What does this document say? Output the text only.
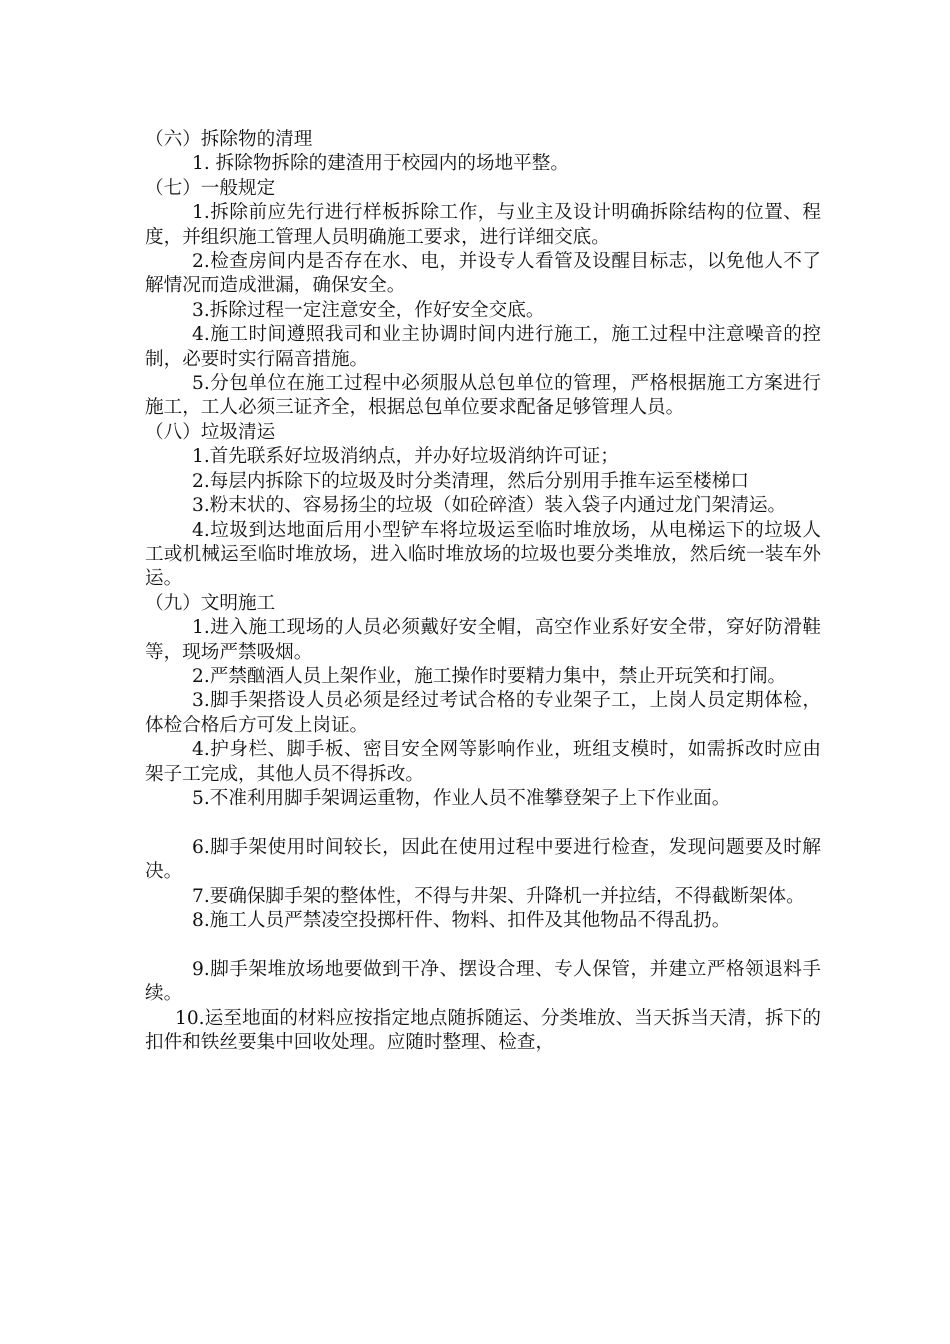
（六）拆除物的清理

1. 拆除物拆除的建渣用于校园内的场地平整。

（七）一般规定

1.拆除前应先行进行样板拆除工作，与业主及设计明确拆除结构的位置、程度，并组织施工管理人员明确施工要求，进行详细交底。

2.检查房间内是否存在水、电，并设专人看管及设醒目标志，以免他人不了解情况而造成泄漏，确保安全。

3.拆除过程一定注意安全，作好安全交底。

4.施工时间遵照我司和业主协调时间内进行施工，施工过程中注意噪音的控制，必要时实行隔音措施。

5.分包单位在施工过程中必须服从总包单位的管理，严格根据施工方案进行施工，工人必须三证齐全，根据总包单位要求配备足够管理人员。

（八）垃圾清运

1.首先联系好垃圾消纳点，并办好垃圾消纳许可证；

2.每层内拆除下的垃圾及时分类清理，然后分别用手推车运至楼梯口

3.粉末状的、容易扬尘的垃圾（如砼碎渣）装入袋子内通过龙门架清运。

4.垃圾到达地面后用小型铲车将垃圾运至临时堆放场，从电梯运下的垃圾人工或机械运至临时堆放场，进入临时堆放场的垃圾也要分类堆放，然后统一装车外运。

（九）文明施工

1.进入施工现场的人员必须戴好安全帽，高空作业系好安全带，穿好防滑鞋等，现场严禁吸烟。

2.严禁酗酒人员上架作业，施工操作时要精力集中，禁止开玩笑和打闹。

3.脚手架搭设人员必须是经过考试合格的专业架子工，上岗人员定期体检，体检合格后方可发上岗证。

4.护身栏、脚手板、密目安全网等影响作业，班组支模时，如需拆改时应由架子工完成，其他人员不得拆改。

5.不准利用脚手架调运重物，作业人员不准攀登架子上下作业面。

6.脚手架使用时间较长，因此在使用过程中要进行检查，发现问题要及时解决。

7.要确保脚手架的整体性，不得与井架、升降机一并拉结，不得截断架体。

8.施工人员严禁凌空投掷杆件、物料、扣件及其他物品不得乱扔。

9.脚手架堆放场地要做到干净、摆设合理、专人保管，并建立严格领退料手续。

10.运至地面的材料应按指定地点随拆随运、分类堆放、当天拆当天清，拆下的扣件和铁丝要集中回收处理。应随时整理、检查，
